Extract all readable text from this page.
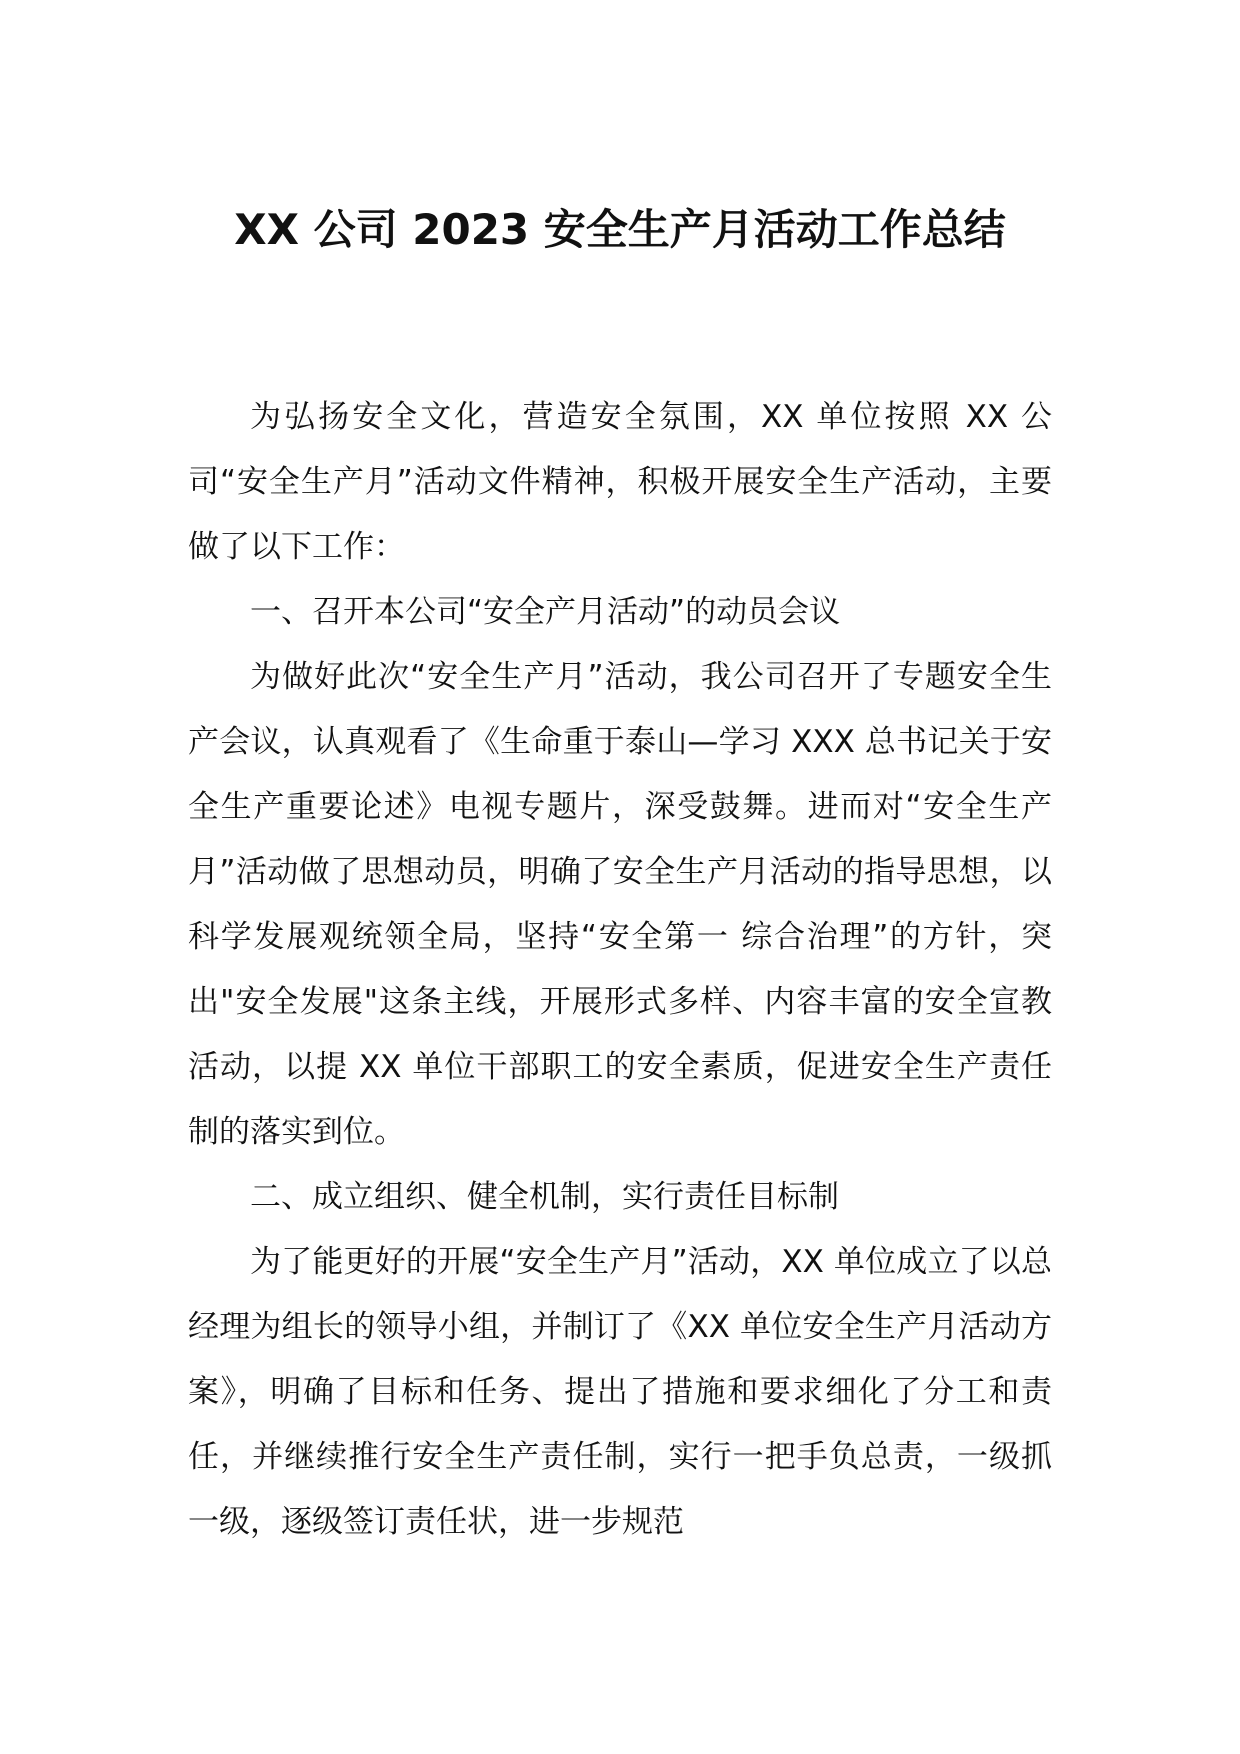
XX 公司 2023 安全生产月活动工作总结

为弘扬安全文化，营造安全氛围，XX 单位按照 XX 公司“安全生产月”活动文件精神，积极开展安全生产活动，主要做了以下工作：

一、召开本公司“安全产月活动”的动员会议

为做好此次“安全生产月”活动，我公司召开了专题安全生产会议，认真观看了《生命重于泰山—学习 XXX 总书记关于安全生产重要论述》电视专题片，深受鼓舞。进而对“安全生产月”活动做了思想动员，明确了安全生产月活动的指导思想，以科学发展观统领全局，坚持“安全第一 综合治理”的方针，突出"安全发展"这条主线，开展形式多样、内容丰富的安全宣教活动，以提 XX 单位干部职工的安全素质，促进安全生产责任制的落实到位。

二、成立组织、健全机制，实行责任目标制

为了能更好的开展“安全生产月”活动，XX 单位成立了以总经理为组长的领导小组，并制订了《XX 单位安全生产月活动方案》，明确了目标和任务、提出了措施和要求细化了分工和责任，并继续推行安全生产责任制，实行一把手负总责，一级抓一级，逐级签订责任状，进一步规范
